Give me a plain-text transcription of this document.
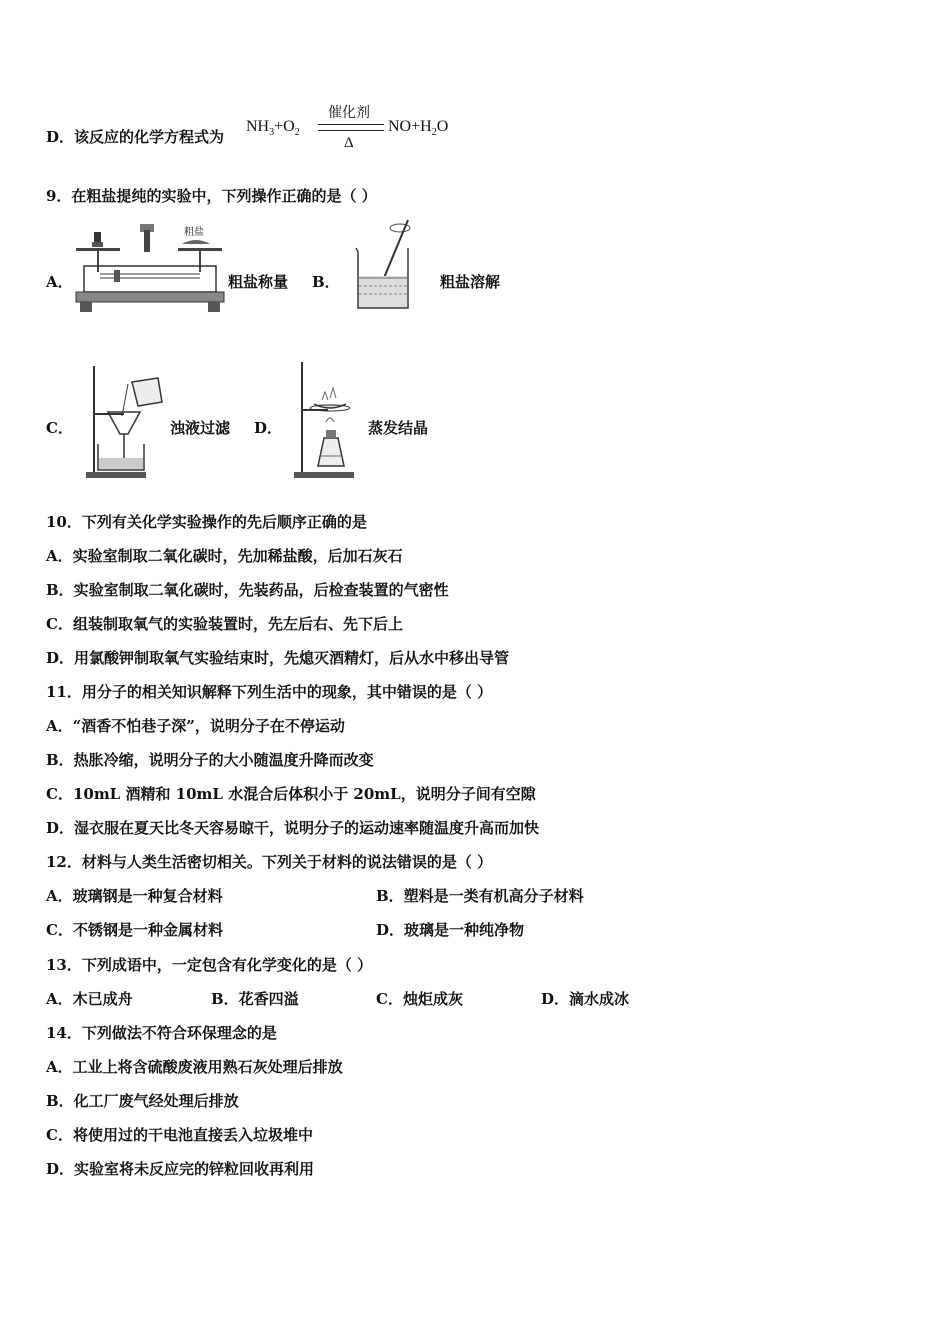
D．该反应的化学方程式为
$NH_3+O_2$
催化剂
Δ
$NO+H_2O$
9．在粗盐提纯的实验中，下列操作正确的是（ ）
A．
粗盐
粗盐称量 B．	粗盐溶解
C．	浊液过滤 D．	蒸发结晶
10．下列有关化学实验操作的先后顺序正确的是
A．实验室制取二氧化碳时，先加稀盐酸，后加石灰石
B．实验室制取二氧化碳时，先装药品，后检查装置的气密性
C．组装制取氧气的实验装置时，先左后右、先下后上
D．用氯酸钾制取氧气实验结束时，先熄灭酒精灯，后从水中移出导管
11．用分子的相关知识解释下列生活中的现象，其中错误的是（ ）
A．“酒香不怕巷子深”，说明分子在不停运动
B．热胀冷缩，说明分子的大小随温度升降而改变
C．10mL 酒精和 10mL 水混合后体积小于 20mL，说明分子间有空隙
D．湿衣服在夏天比冬天容易晾干，说明分子的运动速率随温度升高而加快
12．材料与人类生活密切相关。下列关于材料的说法错误的是（ ）
A．玻璃钢是一种复合材料	B．塑料是一类有机高分子材料
C．不锈钢是一种金属材料	D．玻璃是一种纯净物
13．下列成语中，一定包含有化学变化的是（ ）
A．木已成舟	B．花香四溢	C．烛炬成灰	D．滴水成冰
14．下列做法不符合环保理念的是
A．工业上将含硫酸废液用熟石灰处理后排放
B．化工厂废气经处理后排放
C．将使用过的干电池直接丢入垃圾堆中
D．实验室将未反应完的锌粒回收再利用
